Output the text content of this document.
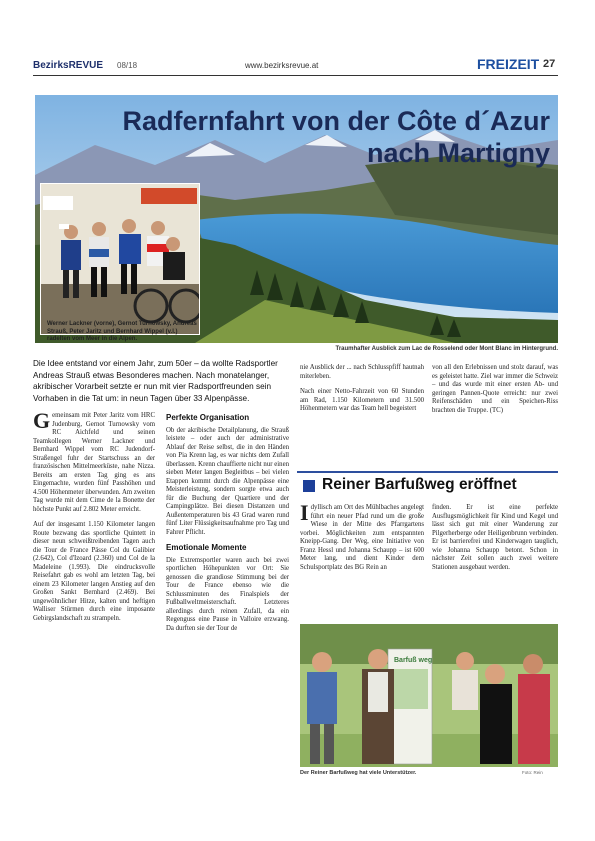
BezirksREVUE 08/18	www.bezirksrevue.at	FREIZEIT 27
Radfernfahrt von der Côte d´Azur
nach Martigny
Werner Lackner (vorne), Gernot Turnowsky, Andreas Strauß, Peter Jaritz und Bernhard Wippel (v.l.) radelten vom Meer in die Alpen.
Traumhafter Ausblick zum Lac de Rosselend oder Mont Blanc im Hintergrund.
Die Idee entstand vor einem Jahr, zum 50er – da wollte Radsportler Andreas Strauß etwas Besonderes machen. Nach monatelanger, akribischer Vorarbeit setzte er nun mit vier Radsportfreunden sein Vorhaben in die Tat um: in neun Tagen über 33 Alpenpässe.

Gemeinsam mit Peter Jaritz vom HRC Judenburg, Gernot Turnowsky vom RC Aichfeld und seinen Teamkollegen Werner Lackner und Bernhard Wippel vom RC Judendorf-Straßengel fuhr der Startschuss an der französischen Mittelmeerküste, nahe Nizza. Bereits am ersten Tag ging es ans Eingemachte, wurden fünf Passhöhen und 4.500 Höhenmeter überwunden. Am zweiten Tag wurde mit dem Cime de la Bonette der höchste Punkt auf 2.802 Meter erreicht.

Auf der insgesamt 1.150 Kilometer langen Route bezwang das sportliche Quintett in dieser neun schweißtreibenden Tagen auch die Tour de France Pässe Col du Galibier (2.642), Col d'Izoard (2.360) und Col de la Madeleine (1.993). Die eindrucksvolle Reisefahrt gab es wohl am letzten Tag, bei einem 23 Kilometer langen Anstieg auf den Großen Sankt Bernhard (2.469). Bei ungewöhnlicher Hitze, kalten und heftigen Walliser Stürmen durch eine imposante Gebirgslandschaft zu strampeln.

Perfekte Organisation

Ob der akribische Detailplanung, die Strauß leistete – oder auch der administrative Ablauf der Reise selbst, die in den Händen von Pia Krenn lag, es war nichts dem Zufall überlassen. Krenn chauffierte nicht nur einen sieben Meter langen Begleitbus – bei vielen Etappen kommt durch die Alpenpässe eine Meisterleistung, sondern sorgte etwa auch für die Buchung der Quartiere und der Campingplätze. Bei diesen Distanzen und Außentemperaturen bis 43 Grad waren rund fünf Liter Flüssigkeitsaufnahme pro Tag und Fahrer Pflicht.

Emotionale Momente

Die Extremsportler waren auch bei zwei sportlichen Höhepunkten vor Ort: Sie genossen die grandiose Stimmung bei der Tour de France ebenso wie die Schlussminuten des Finalspiels der Fußballweltmeisterschaft. Letzteres allerdings durch reinen Zufall, da ein Regenguss eine Pause in Valloire erzwang. Da durften sie der Tour de

nie Ausblick der ... nach Schlusspfiff hautnah miterleben.

Nach einer Netto-Fahrzeit von 60 Stunden am Rad, 1.150 Kilometern und 31.500 Höhenmetern war das Team hell begeistert

von all den Erlebnissen und stolz darauf, was es geleistet hatte. Ziel war immer die Schweiz – und das wurde mit einer ersten Ab- und geringen Pannen-Quote erreicht: nur zwei Reifenschäden und ein Speichen-Riss brachten die Truppe. (TC)

Reiner Barfußweg eröffnet

Idyllisch am Ort des Mühlbaches angelegt führt ein neuer Pfad rund um die große Wiese in der Mitte des Pfarrgartens vorbei. Möglichkeiten zum entspannten Kneipp-Gang. Der Weg, eine Initiative von Franz Hessl und Johanna Schaupp – ist 600 Meter lang, und dient Kinder dem Schulsportplatz des BG Rein an

finden. Er ist eine perfekte Ausflugsmöglichkeit für Kind und Kegel und lässt sich gut mit einer Wanderung zur Pilgerherberge oder Heiligenbrunn verbinden. Er ist barrierefrei und Kinderwagen tauglich, wie Johanna Schaupp betont. Schon in nächster Zeit sollen auch zwei weitere Stationen ausgebaut werden.

Barfuß weg
Der Reiner Barfußweg hat viele Unterstützer.	Foto: Rein
